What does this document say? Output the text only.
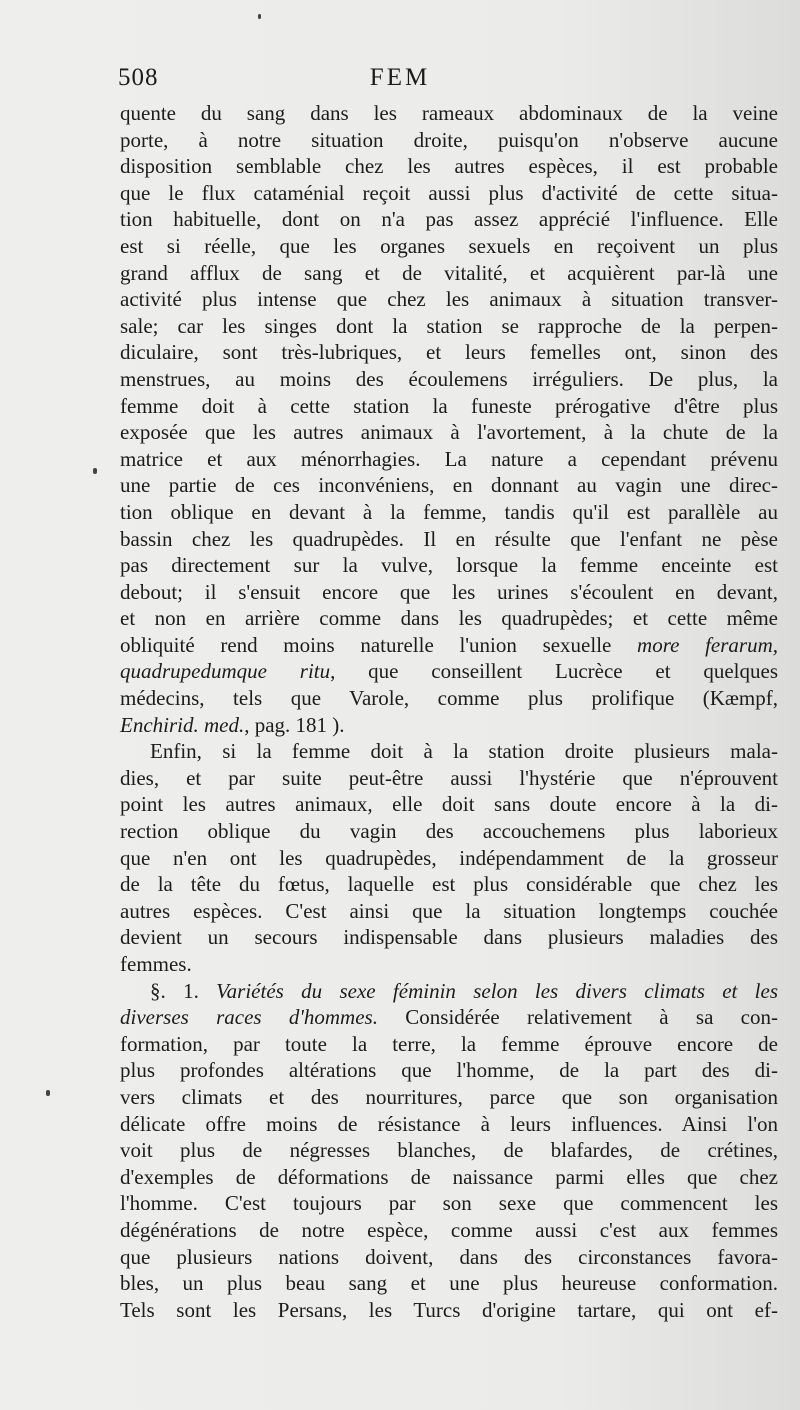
508	FEM
quente du sang dans les rameaux abdominaux de la veine
porte, à notre situation droite, puisqu'on n'observe aucune
disposition semblable chez les autres espèces, il est probable
que le flux cataménial reçoit aussi plus d'activité de cette situa-
tion habituelle, dont on n'a pas assez apprécié l'influence. Elle
est si réelle, que les organes sexuels en reçoivent un plus
grand afflux de sang et de vitalité, et acquièrent par-là une
activité plus intense que chez les animaux à situation transver-
sale; car les singes dont la station se rapproche de la perpen-
diculaire, sont très-lubriques, et leurs femelles ont, sinon des
menstrues, au moins des écoulemens irréguliers. De plus, la
femme doit à cette station la funeste prérogative d'être plus
exposée que les autres animaux à l'avortement, à la chute de la
matrice et aux ménorrhagies. La nature a cependant prévenu
une partie de ces inconvéniens, en donnant au vagin une direc-
tion oblique en devant à la femme, tandis qu'il est parallèle au
bassin chez les quadrupèdes. Il en résulte que l'enfant ne pèse
pas directement sur la vulve, lorsque la femme enceinte est
debout; il s'ensuit encore que les urines s'écoulent en devant,
et non en arrière comme dans les quadrupèdes; et cette même
obliquité rend moins naturelle l'union sexuelle more ferarum,
quadrupedumque ritu, que conseillent Lucrèce et quelques
médecins, tels que Varole, comme plus prolifique (Kæmpf,
Enchirid. med., pag. 181 ).
Enfin, si la femme doit à la station droite plusieurs mala-
dies, et par suite peut-être aussi l'hystérie que n'éprouvent
point les autres animaux, elle doit sans doute encore à la di-
rection oblique du vagin des accouchemens plus laborieux
que n'en ont les quadrupèdes, indépendamment de la grosseur
de la tête du fœtus, laquelle est plus considérable que chez les
autres espèces. C'est ainsi que la situation longtemps couchée
devient un secours indispensable dans plusieurs maladies des
femmes.
§. 1. Variétés du sexe féminin selon les divers climats et les
diverses races d'hommes. Considérée relativement à sa con-
formation, par toute la terre, la femme éprouve encore de
plus profondes altérations que l'homme, de la part des di-
vers climats et des nourritures, parce que son organisation
délicate offre moins de résistance à leurs influences. Ainsi l'on
voit plus de négresses blanches, de blafardes, de crétines,
d'exemples de déformations de naissance parmi elles que chez
l'homme. C'est toujours par son sexe que commencent les
dégénérations de notre espèce, comme aussi c'est aux femmes
que plusieurs nations doivent, dans des circonstances favora-
bles, un plus beau sang et une plus heureuse conformation.
Tels sont les Persans, les Turcs d'origine tartare, qui ont ef-
